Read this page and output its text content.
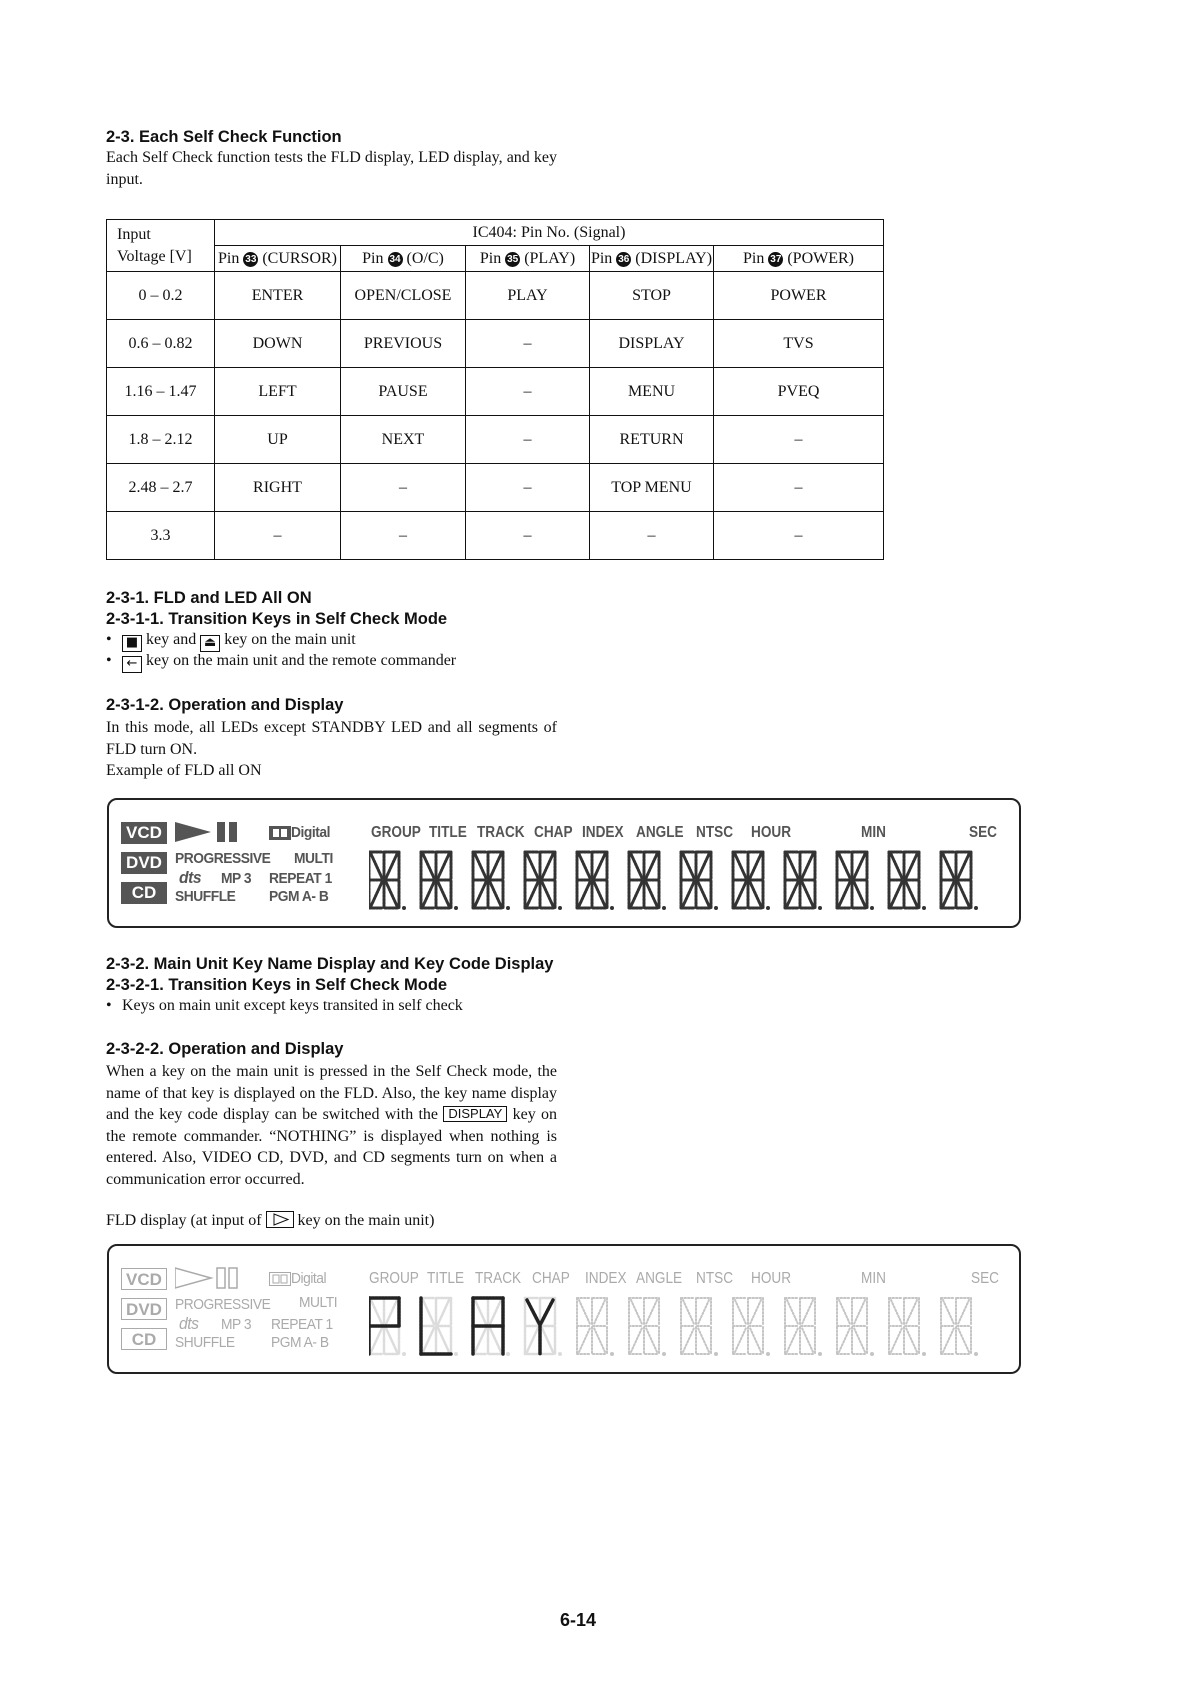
2-3. Each Self Check Function
Each Self Check function tests the FLD display, LED display, and key input.
Input
Voltage [V]	IC404: Pin No. (Signal)				
	Pin 33 (CURSOR)	Pin 34 (O/C)	Pin 35 (PLAY)	Pin 36 (DISPLAY)	Pin 37 (POWER)
0 – 0.2	ENTER	OPEN/CLOSE	PLAY	STOP	POWER
0.6 – 0.82	DOWN	PREVIOUS	–	DISPLAY	TVS
1.16 – 1.47	LEFT	PAUSE	–	MENU	PVEQ
1.8 – 2.12	UP	NEXT	–	RETURN	–
2.48 – 2.7	RIGHT	–	–	TOP MENU	–
3.3	–	–	–	–	–
2-3-1. FLD and LED All ON
2-3-1-1. Transition Keys in Self Check Mode
• ■ key and ⏏ key on the main unit
• ← key on the main unit and the remote commander
2-3-1-2. Operation and Display
In this mode, all LEDs except STANDBY LED and all segments of FLD turn ON.
Example of FLD all ON
VCD
DVD
CD
Digital
PROGRESSIVE MULTI
dts MP 3 REPEAT 1
SHUFFLE PGM A- B
GROUP TITLE TRACK CHAP INDEX ANGLE NTSC HOUR	MIN	SEC
2-3-2. Main Unit Key Name Display and Key Code Display
2-3-2-1. Transition Keys in Self Check Mode
• Keys on main unit except keys transited in self check
2-3-2-2. Operation and Display
When a key on the main unit is pressed in the Self Check mode, the name of that key is displayed on the FLD. Also, the key name display and the key code display can be switched with the DISPLAY key on the remote commander. “NOTHING” is displayed when nothing is entered. Also, VIDEO CD, DVD, and CD segments turn on when a communication error occurred.
FLD display (at input of key on the main unit)
VCD
DVD
CD
Digital
PROGRESSIVE MULTI
dts MP 3 REPEAT 1
SHUFFLE PGM A- B
GROUP TITLE TRACK CHAP INDEX ANGLE NTSC HOUR	MIN	SEC
6-14
